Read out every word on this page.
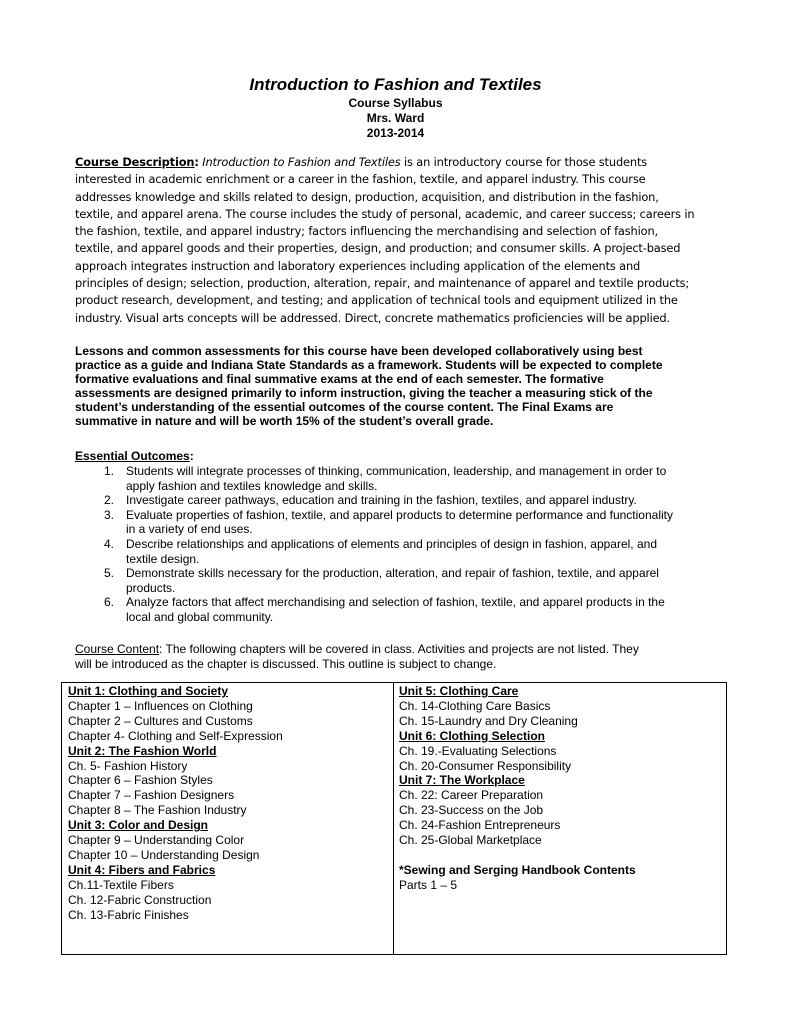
Introduction to Fashion and Textiles
Course Syllabus
Mrs. Ward
2013-2014
Course Description: Introduction to Fashion and Textiles is an introductory course for those students
interested in academic enrichment or a career in the fashion, textile, and apparel industry. This course
addresses knowledge and skills related to design, production, acquisition, and distribution in the fashion,
textile, and apparel arena. The course includes the study of personal, academic, and career success; careers in
the fashion, textile, and apparel industry; factors influencing the merchandising and selection of fashion,
textile, and apparel goods and their properties, design, and production; and consumer skills. A project-based
approach integrates instruction and laboratory experiences including application of the elements and
principles of design; selection, production, alteration, repair, and maintenance of apparel and textile products;
product research, development, and testing; and application of technical tools and equipment utilized in the
industry. Visual arts concepts will be addressed. Direct, concrete mathematics proficiencies will be applied.
Lessons and common assessments for this course have been developed collaboratively using best
practice as a guide and Indiana State Standards as a framework. Students will be expected to complete
formative evaluations and final summative exams at the end of each semester. The formative
assessments are designed primarily to inform instruction, giving the teacher a measuring stick of the
student’s understanding of the essential outcomes of the course content. The Final Exams are
summative in nature and will be worth 15% of the student’s overall grade.
Essential Outcomes:
1. Students will integrate processes of thinking, communication, leadership, and management in order to
apply fashion and textiles knowledge and skills.
2. Investigate career pathways, education and training in the fashion, textiles, and apparel industry.
3. Evaluate properties of fashion, textile, and apparel products to determine performance and functionality
in a variety of end uses.
4. Describe relationships and applications of elements and principles of design in fashion, apparel, and
textile design.
5. Demonstrate skills necessary for the production, alteration, and repair of fashion, textile, and apparel
products.
6. Analyze factors that affect merchandising and selection of fashion, textile, and apparel products in the
local and global community.
Course Content: The following chapters will be covered in class. Activities and projects are not listed. They
will be introduced as the chapter is discussed. This outline is subject to change.
Unit 1: Clothing and Society
Chapter 1 – Influences on Clothing
Chapter 2 – Cultures and Customs
Chapter 4- Clothing and Self-Expression
Unit 2: The Fashion World
Ch. 5- Fashion History
Chapter 6 – Fashion Styles
Chapter 7 – Fashion Designers
Chapter 8 – The Fashion Industry
Unit 3: Color and Design
Chapter 9 – Understanding Color
Chapter 10 – Understanding Design
Unit 4: Fibers and Fabrics
Ch.11-Textile Fibers
Ch. 12-Fabric Construction
Ch. 13-Fabric Finishes
Unit 5: Clothing Care
Ch. 14-Clothing Care Basics
Ch. 15-Laundry and Dry Cleaning
Unit 6: Clothing Selection
Ch. 19.-Evaluating Selections
Ch. 20-Consumer Responsibility
Unit 7: The Workplace
Ch. 22: Career Preparation
Ch. 23-Success on the Job
Ch. 24-Fashion Entrepreneurs
Ch. 25-Global Marketplace
*Sewing and Serging Handbook Contents
Parts 1 – 5
